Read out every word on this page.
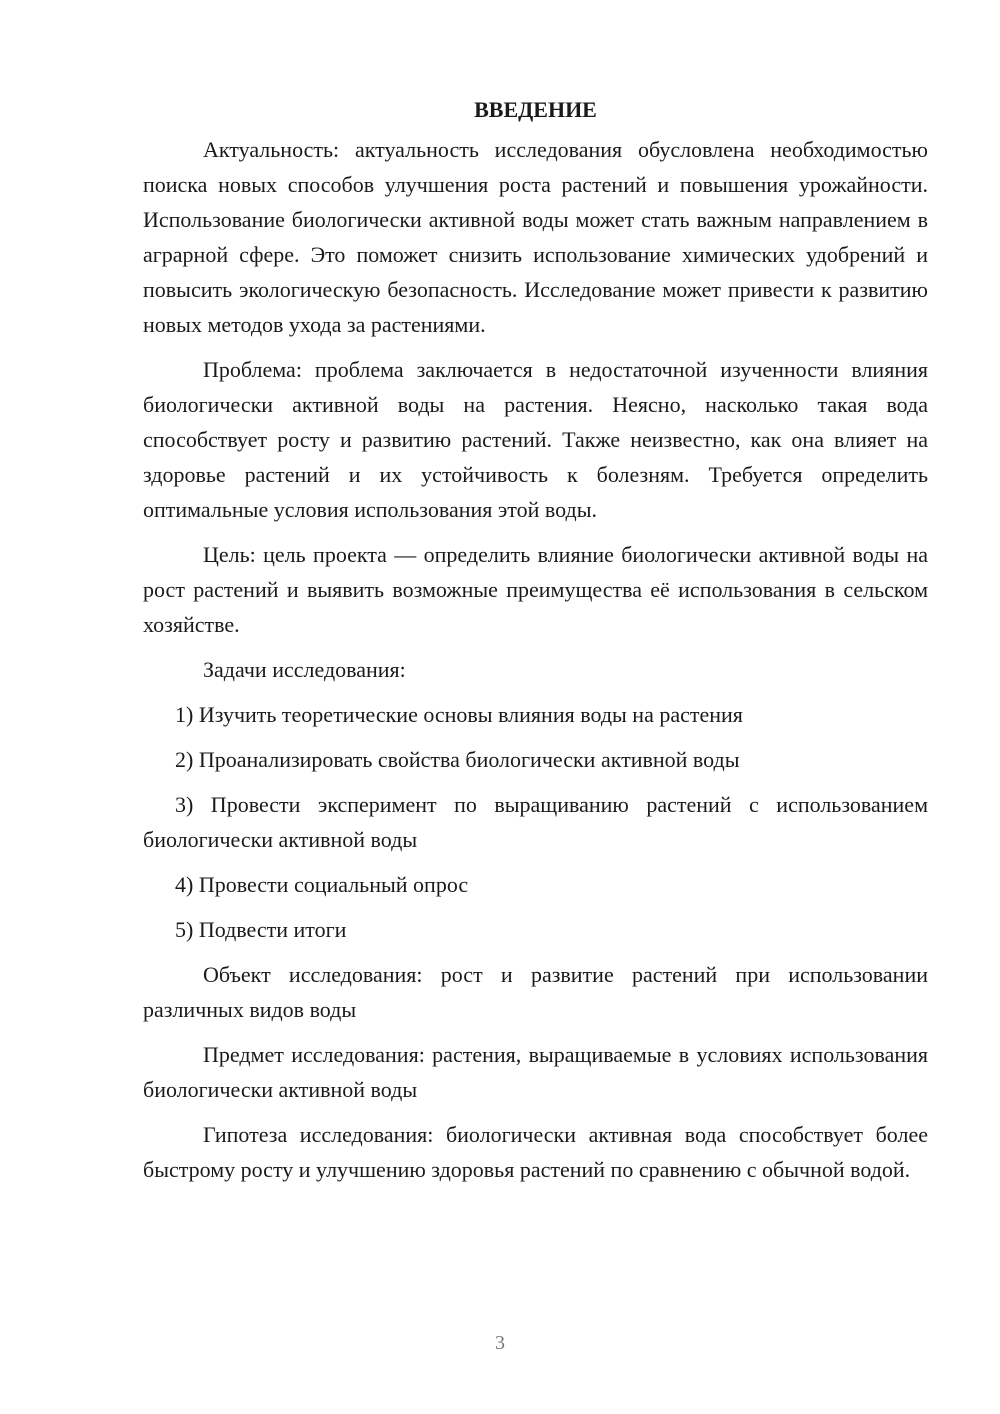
ВВЕДЕНИЕ

Актуальность: актуальность исследования обусловлена необходимостью поиска новых способов улучшения роста растений и повышения урожайности. Использование биологически активной воды может стать важным направлением в аграрной сфере. Это поможет снизить использование химических удобрений и повысить экологическую безопасность. Исследование может привести к развитию новых методов ухода за растениями.

Проблема: проблема заключается в недостаточной изученности влияния биологически активной воды на растения. Неясно, насколько такая вода способствует росту и развитию растений. Также неизвестно, как она влияет на здоровье растений и их устойчивость к болезням. Требуется определить оптимальные условия использования этой воды.

Цель: цель проекта — определить влияние биологически активной воды на рост растений и выявить возможные преимущества её использования в сельском хозяйстве.

Задачи исследования:

1) Изучить теоретические основы влияния воды на растения

2) Проанализировать свойства биологически активной воды

3) Провести эксперимент по выращиванию растений с использованием биологически активной воды

4) Провести социальный опрос

5) Подвести итоги

Объект исследования: рост и развитие растений при использовании различных видов воды

Предмет исследования: растения, выращиваемые в условиях использования биологически активной воды

Гипотеза исследования: биологически активная вода способствует более быстрому росту и улучшению здоровья растений по сравнению с обычной водой.

3
